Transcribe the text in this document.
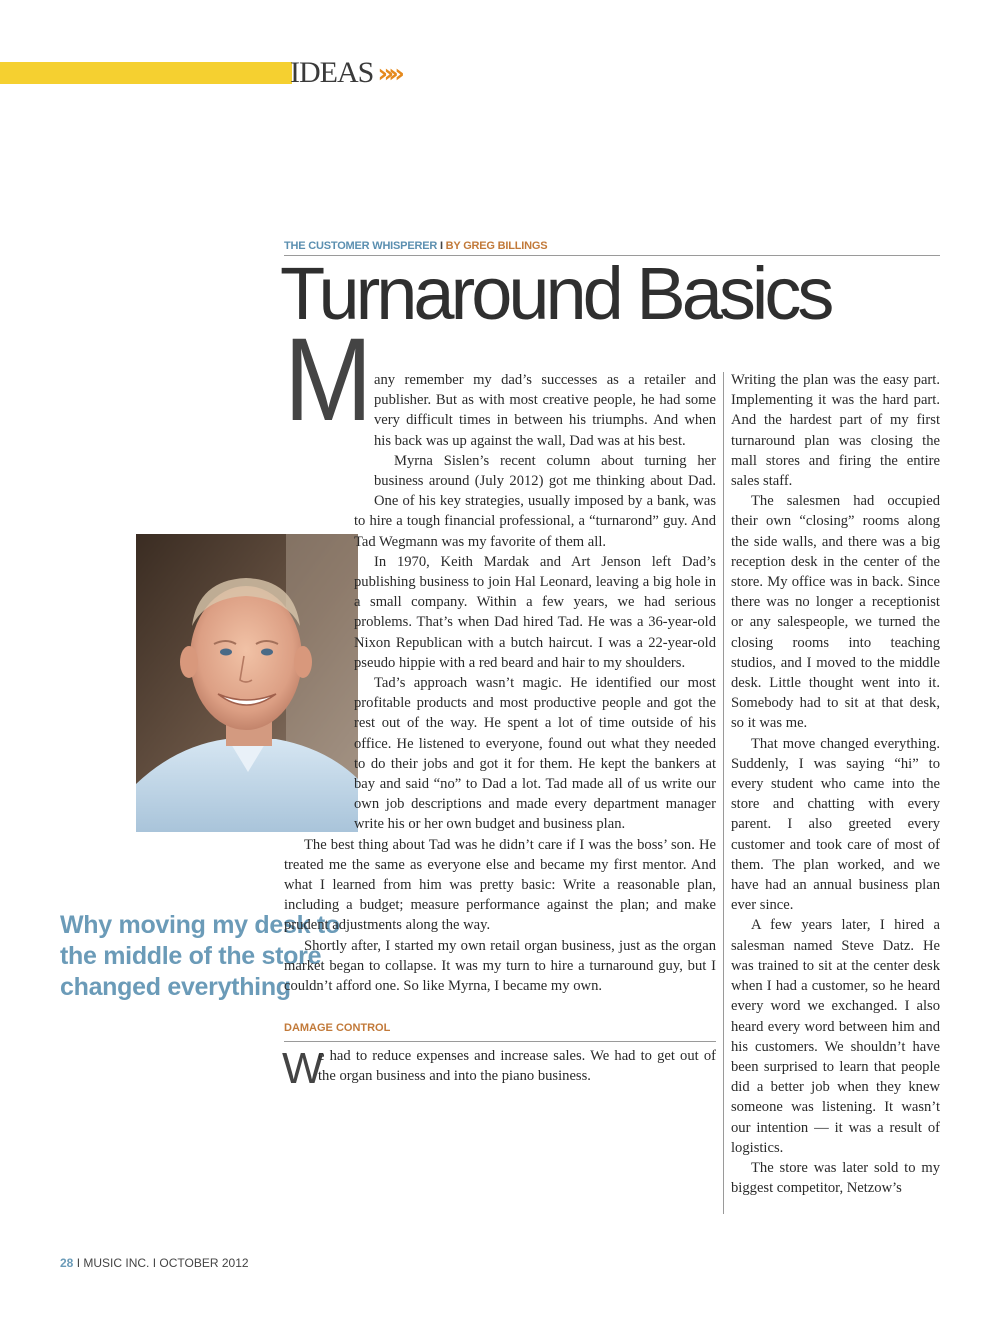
IDEAS »»
THE CUSTOMER WHISPERER I BY GREG BILLINGS
Turnaround Basics
Why moving my desk to the middle of the store changed everything
M any remember my dad’s successes as a retailer and publisher. But as with most creative people, he had some very difficult times in between his triumphs. And when his back was up against the wall, Dad was at his best.

Myrna Sislen’s recent column about turning her business around (July 2012) got me thinking about Dad. One of his key
strategies, usually imposed by a bank, was to hire a tough financial professional, a “turnarond” guy. And Tad Wegmann was my favorite of them all.

In 1970, Keith Mardak and Art Jenson left Dad’s publishing business to join Hal Leonard, leaving a big hole in a small company. Within a few years, we had serious problems. That’s when Dad hired Tad. He was a 36-year-old Nixon Republican with a butch haircut. I was a 22-year-old pseudo hippie with a red beard and hair to my shoulders.

Tad’s approach wasn’t magic. He identified our most profitable products and most productive people and got the rest out of the way. He spent a lot of time outside of his office. He listened to everyone, found out what they needed to do their jobs and got it for them. He kept the bankers at bay and said “no” to Dad a lot. Tad made all of us write our own job descriptions and made every department manager write his or her own budget and business plan.

The best thing about Tad was he didn’t care if I was the boss’ son. He treated me the same as everyone else and became my first mentor. And what I learned from him was pretty basic: Write a reasonable plan, including a budget; measure performance against the plan; and make prudent adjustments along the way.

Shortly after, I started my own retail organ business, just as the organ market began to collapse. It was my turn to hire a turnaround guy, but I couldn’t afford one. So like Myrna, I became my own.

DAMAGE CONTROL

W
e had to reduce expenses and increase sales. We had to get out of the organ business and into the piano business.

Writing the plan was the easy part. Implementing it was the hard part. And the hardest part of my first turnaround plan was closing the mall stores and firing the entire sales staff.

The salesmen had occupied their own “closing” rooms along the side walls, and there was a big reception desk in the center of the store. My office was in back. Since there was no longer a receptionist or any salespeople, we turned the closing rooms into teaching studios, and I moved to the middle desk. Little thought went into it. Somebody had to sit at that desk, so it was me.

That move changed everything. Suddenly, I was saying “hi” to every student who came into the store and chatting with every parent. I also greeted every customer and took care of most of them. The plan worked, and we have had an annual business plan ever since.

A few years later, I hired a salesman named Steve Datz. He was trained to sit at the center desk when I had a customer, so he heard every word we exchanged. I also heard every word between him and his customers. We shouldn’t have been surprised to learn that people did a better job when they knew someone was listening. It wasn’t our intention — it was a result of logistics.

The store was later sold to my biggest competitor, Netzow’s

28 I MUSIC INC. I OCTOBER 2012
